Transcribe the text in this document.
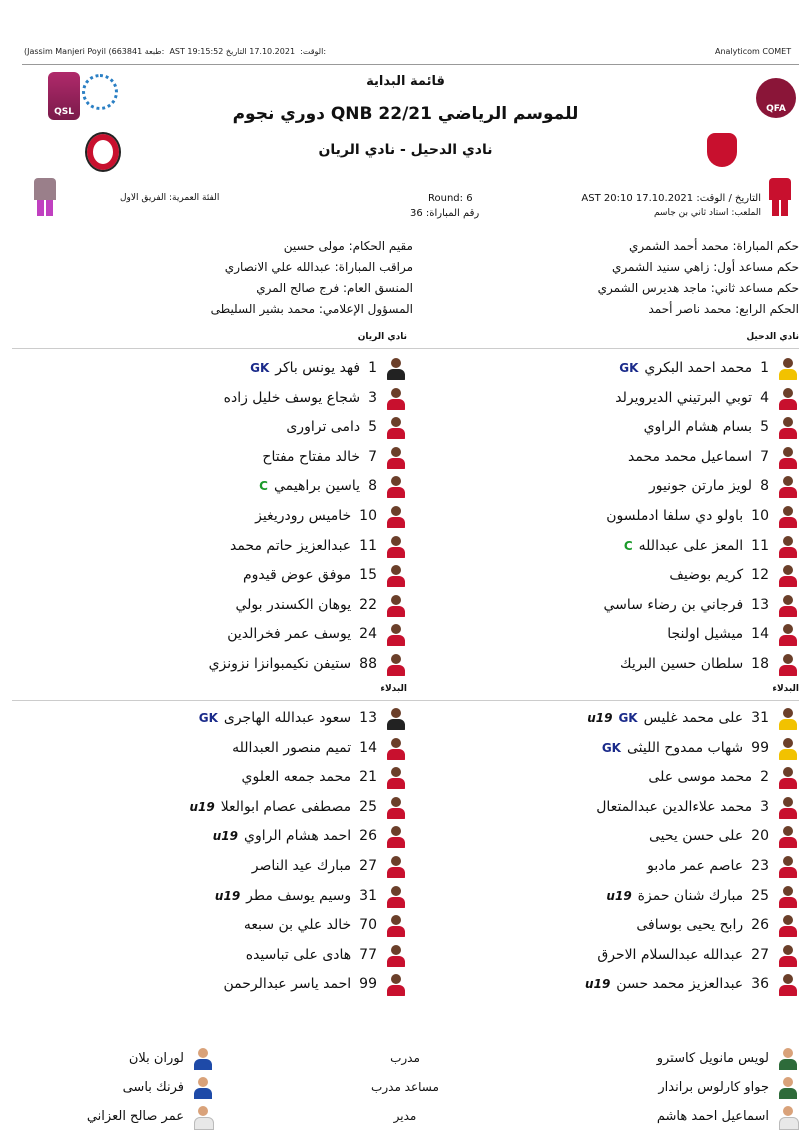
Analyticom COMET
(Jassim Manjeri Poyil (663841 طبعة: AST 19:15:52	الوقت:  17.10.2021 التاريخ:
QSL	QFA
قائمة البداية
دوري نجوم QNB للموسم الرياضي 22/21
نادي الدحيل - نادي الريان
التاريخ / الوقت: AST 20:10 17.10.2021
الملعب: استاد ثاني بن جاسم
Round: 6
رقم المباراة: 36
الفئة العمرية: الفريق الاول
حكم المباراة: محمد أحمد الشمري
حكم مساعد أول: زاهي سنيد الشمري
حكم مساعد ثاني: ماجد هديرس الشمري
الحكم الرابع: محمد ناصر أحمد
مقيم الحكام: مولى حسين
مراقب المباراة: عبدالله علي الانصاري
المنسق العام: فرج صالح المري
المسؤول الإعلامي: محمد بشير السليطى
نادي الدحيل
نادي الريان
البدلاء
البدلاء
1
محمد احمد البكري
GK
4
توبي البرتيني الديرويرلد
5
بسام هشام الراوي
7
اسماعيل محمد محمد
8
لويز مارتن جونيور
10
باولو دي سلفا ادملسون
11
المعز على عبدالله
C
12
كريم بوضيف
13
فرجاني بن رضاء ساسي
14
ميشيل اولنجا
18
سلطان حسين البريك
1
فهد يونس باكر
GK
3
شجاع يوسف خليل زاده
5
دامى تراورى
7
خالد مفتاح مفتاح
8
ياسين براهيمي
C
10
خاميس رودريغيز
11
عبدالعزيز حاتم محمد
15
موفق عوض قيدوم
22
يوهان الكسندر بولي
24
يوسف عمر فخرالدين
88
ستيفن نكيمبوانزا نزونزي
31
على محمد غليس
GK
u19
99
شهاب ممدوح الليثى
GK
2
محمد موسى على
3
محمد علاءالدين عبدالمتعال
20
على حسن يحيى
23
عاصم عمر مادبو
25
مبارك شنان حمزة
u19
26
رابح يحيى بوسافى
27
عبدالله عبدالسلام الاحرق
36
عبدالعزيز محمد حسن
u19
13
سعود عبدالله الهاجرى
GK
14
تميم منصور العبدالله
21
محمد جمعه العلوي
25
مصطفى عصام ابوالعلا
u19
26
احمد هشام الراوي
u19
27
مبارك عيد الناصر
31
وسيم يوسف مطر
u19
70
خالد علي بن سبعه
77
هادى على تباسيده
99
احمد ياسر عبدالرحمن
لويس مانويل كاسترو
جواو كارلوس براندار
اسماعيل احمد هاشم
لوران بلان
فرنك باسى
عمر صالح العزاني
مدرب
مساعد مدرب
مدير
